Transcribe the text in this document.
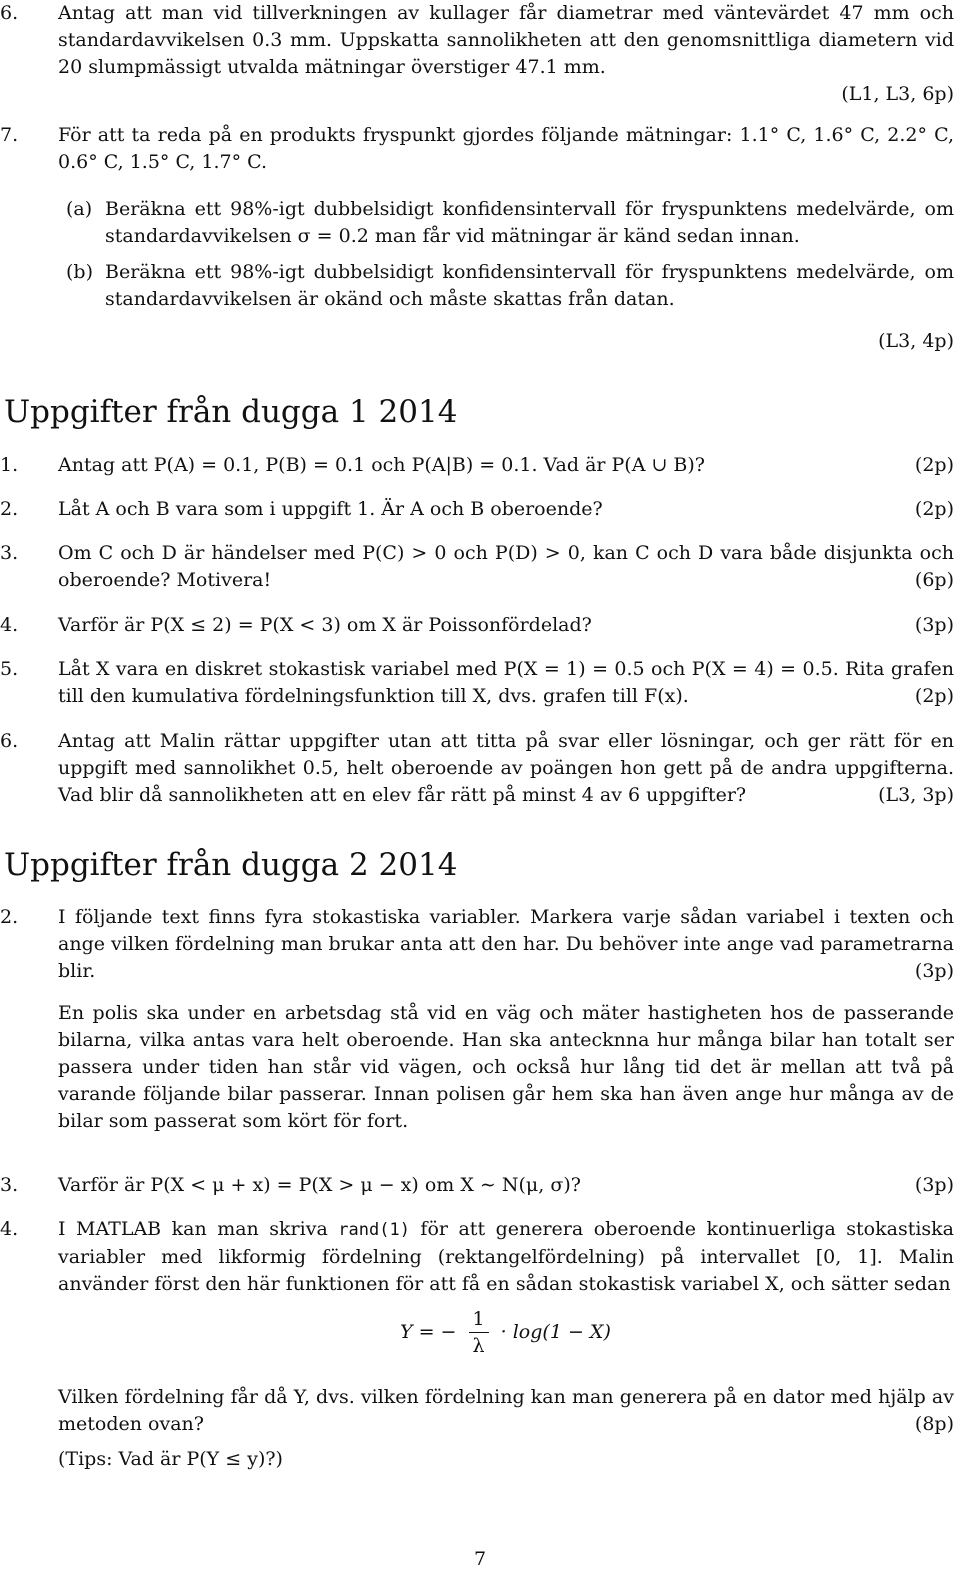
6. Antag att man vid tillverkningen av kullager får diametrar med väntevärdet 47 mm och standardavvikelsen 0.3 mm. Uppskatta sannolikheten att den genomsnittliga diametern vid 20 slumpmässigt utvalda mätningar överstiger 47.1 mm.
(L1, L3, 6p)
7. För att ta reda på en produkts fryspunkt gjordes följande mätningar: 1.1° C, 1.6° C, 2.2° C, 0.6° C, 1.5° C, 1.7° C.
(a) Beräkna ett 98%-igt dubbelsidigt konfidensintervall för fryspunktens medelvärde, om standardavvikelsen σ = 0.2 man får vid mätningar är känd sedan innan.
(b) Beräkna ett 98%-igt dubbelsidigt konfidensintervall för fryspunktens medelvärde, om standardavvikelsen är okänd och måste skattas från datan.
(L3, 4p)
Uppgifter från dugga 1 2014
1. Antag att P(A) = 0.1, P(B) = 0.1 och P(A|B) = 0.1. Vad är P(A ∪ B)?	(2p)
2. Låt A och B vara som i uppgift 1. Är A och B oberoende?	(2p)
3. Om C och D är händelser med P(C) > 0 och P(D) > 0, kan C och D vara både disjunkta och oberoende? Motivera!	(6p)
4. Varför är P(X ≤ 2) = P(X < 3) om X är Poissonfördelad?	(3p)
5. Låt X vara en diskret stokastisk variabel med P(X = 1) = 0.5 och P(X = 4) = 0.5. Rita grafen till den kumulativa fördelningsfunktion till X, dvs. grafen till F(x).	(2p)
6. Antag att Malin rättar uppgifter utan att titta på svar eller lösningar, och ger rätt för en uppgift med sannolikhet 0.5, helt oberoende av poängen hon gett på de andra uppgifterna. Vad blir då sannolikheten att en elev får rätt på minst 4 av 6 uppgifter?	(L3, 3p)
Uppgifter från dugga 2 2014
2. I följande text finns fyra stokastiska variabler. Markera varje sådan variabel i texten och ange vilken fördelning man brukar anta att den har. Du behöver inte ange vad parametrarna blir.	(3p)
En polis ska under en arbetsdag stå vid en väg och mäter hastigheten hos de passerande bilarna, vilka antas vara helt oberoende. Han ska antecknna hur många bilar han totalt ser passera under tiden han står vid vägen, och också hur lång tid det är mellan att två på varande följande bilar passerar. Innan polisen går hem ska han även ange hur många av de bilar som passerat som kört för fort.
3. Varför är P(X < μ + x) = P(X > μ − x) om X ∼ N(μ, σ)?	(3p)
4. I MATLAB kan man skriva rand(1) för att generera oberoende kontinuerliga stokastiska variabler med likformig fördelning (rektangelfördelning) på intervallet [0, 1]. Malin använder först den här funktionen för att få en sådan stokastisk variabel X, och sätter sedan
Y = − $\frac{1}{\lambda} \cdot \log(1 - X)$
Vilken fördelning får då Y, dvs. vilken fördelning kan man generera på en dator med hjälp av metoden ovan?	(8p)
(Tips: Vad är P(Y ≤ y)?)
7
